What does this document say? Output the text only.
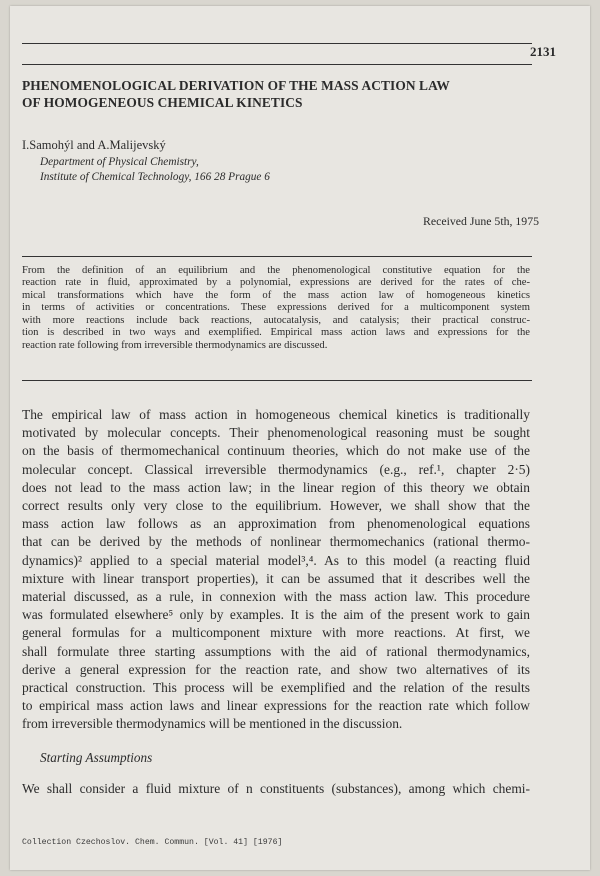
2131
PHENOMENOLOGICAL DERIVATION OF THE MASS ACTION LAW
OF HOMOGENEOUS CHEMICAL KINETICS
I.Samohýl and A.Malijevský
Department of Physical Chemistry,
Institute of Chemical Technology, 166 28 Prague 6
Received June 5th, 1975
From the definition of an equilibrium and the phenomenological constitutive equation for the
reaction rate in fluid, approximated by a polynomial, expressions are derived for the rates of che-
mical transformations which have the form of the mass action law of homogeneous kinetics
in terms of activities or concentrations. These expressions derived for a multicomponent system
with more reactions include back reactions, autocatalysis, and catalysis; their practical construc-
tion is described in two ways and exemplified. Empirical mass action laws and expressions for the
reaction rate following from irreversible thermodynamics are discussed.
The empirical law of mass action in homogeneous chemical kinetics is traditionally
motivated by molecular concepts. Their phenomenological reasoning must be sought
on the basis of thermomechanical continuum theories, which do not make use of the
molecular concept. Classical irreversible thermodynamics (e.g., ref.¹, chapter 2·5)
does not lead to the mass action law; in the linear region of this theory we obtain
correct results only very close to the equilibrium. However, we shall show that the
mass action law follows as an approximation from phenomenological equations
that can be derived by the methods of nonlinear thermomechanics (rational thermo-
dynamics)² applied to a special material model³,⁴. As to this model (a reacting fluid
mixture with linear transport properties), it can be assumed that it describes well the
material discussed, as a rule, in connexion with the mass action law. This procedure
was formulated elsewhere⁵ only by examples. It is the aim of the present work to gain
general formulas for a multicomponent mixture with more reactions. At first, we
shall formulate three starting assumptions with the aid of rational thermodynamics,
derive a general expression for the reaction rate, and show two alternatives of its
practical construction. This process will be exemplified and the relation of the results
to empirical mass action laws and linear expressions for the reaction rate which follow
from irreversible thermodynamics will be mentioned in the discussion.
Starting Assumptions
We shall consider a fluid mixture of n constituents (substances), among which chemi-
Collection Czechoslov. Chem. Commun. [Vol. 41] [1976]
